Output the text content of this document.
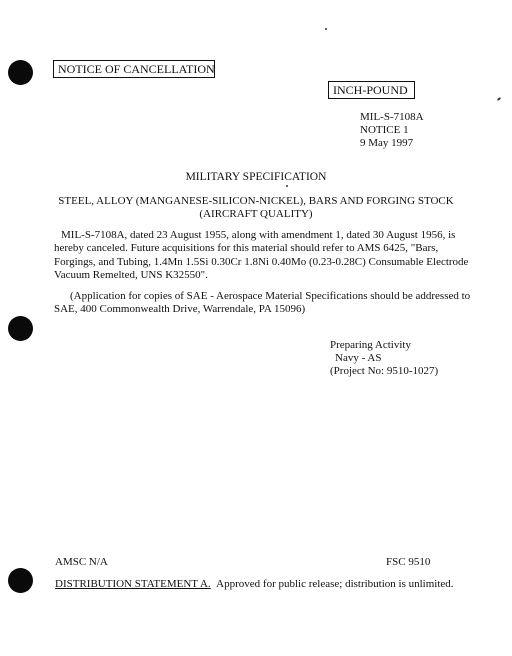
NOTICE OF CANCELLATION
INCH-POUND
MIL-S-7108A
NOTICE 1
9 May 1997
MILITARY SPECIFICATION
STEEL, ALLOY (MANGANESE-SILICON-NICKEL), BARS AND FORGING STOCK
(AIRCRAFT QUALITY)
MIL-S-7108A, dated 23 August 1955, along with amendment 1, dated 30 August 1956, is
hereby canceled. Future acquisitions for this material should refer to AMS 6425, "Bars,
Forgings, and Tubing, 1.4Mn 1.5Si 0.30Cr 1.8Ni 0.40Mo (0.23-0.28C) Consumable Electrode
Vacuum Remelted, UNS K32550".
(Application for copies of SAE - Aerospace Material Specifications should be addressed to
SAE, 400 Commonwealth Drive, Warrendale, PA 15096)
Preparing Activity
Navy - AS
(Project No: 9510-1027)
AMSC N/A	FSC 9510
DISTRIBUTION STATEMENT A. Approved for public release; distribution is unlimited.
